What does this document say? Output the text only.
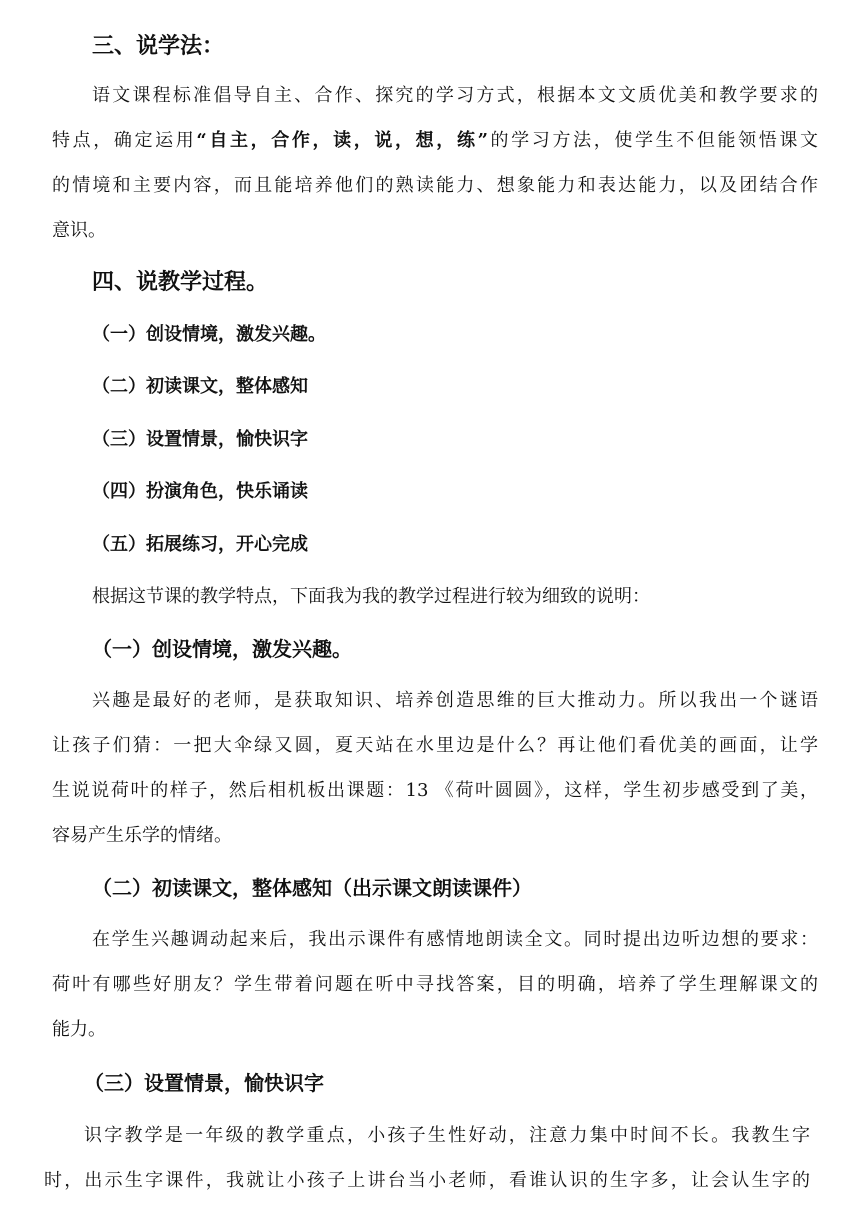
三、说学法：
语文课程标准倡导自主、合作、探究的学习方式，根据本文文质优美和教学要求的
特点，确定运用“自主，合作，读，说，想，练”的学习方法，使学生不但能领悟课文
的情境和主要内容，而且能培养他们的熟读能力、想象能力和表达能力，以及团结合作
意识。
四、说教学过程。
（一）创设情境，激发兴趣。
（二）初读课文，整体感知
（三）设置情景，愉快识字
（四）扮演角色，快乐诵读
（五）拓展练习，开心完成
根据这节课的教学特点，下面我为我的教学过程进行较为细致的说明：
（一）创设情境，激发兴趣。
兴趣是最好的老师，是获取知识、培养创造思维的巨大推动力。所以我出一个谜语
让孩子们猜：一把大伞绿又圆，夏天站在水里边是什么？再让他们看优美的画面，让学
生说说荷叶的样子，然后相机板出课题：13 《荷叶圆圆》，这样，学生初步感受到了美，
容易产生乐学的情绪。
（二）初读课文，整体感知（出示课文朗读课件）
在学生兴趣调动起来后，我出示课件有感情地朗读全文。同时提出边听边想的要求：
荷叶有哪些好朋友？学生带着问题在听中寻找答案，目的明确，培养了学生理解课文的
能力。
（三）设置情景，愉快识字
识字教学是一年级的教学重点，小孩子生性好动，注意力集中时间不长。我教生字
时，出示生字课件，我就让小孩子上讲台当小老师，看谁认识的生字多，让会认生字的
